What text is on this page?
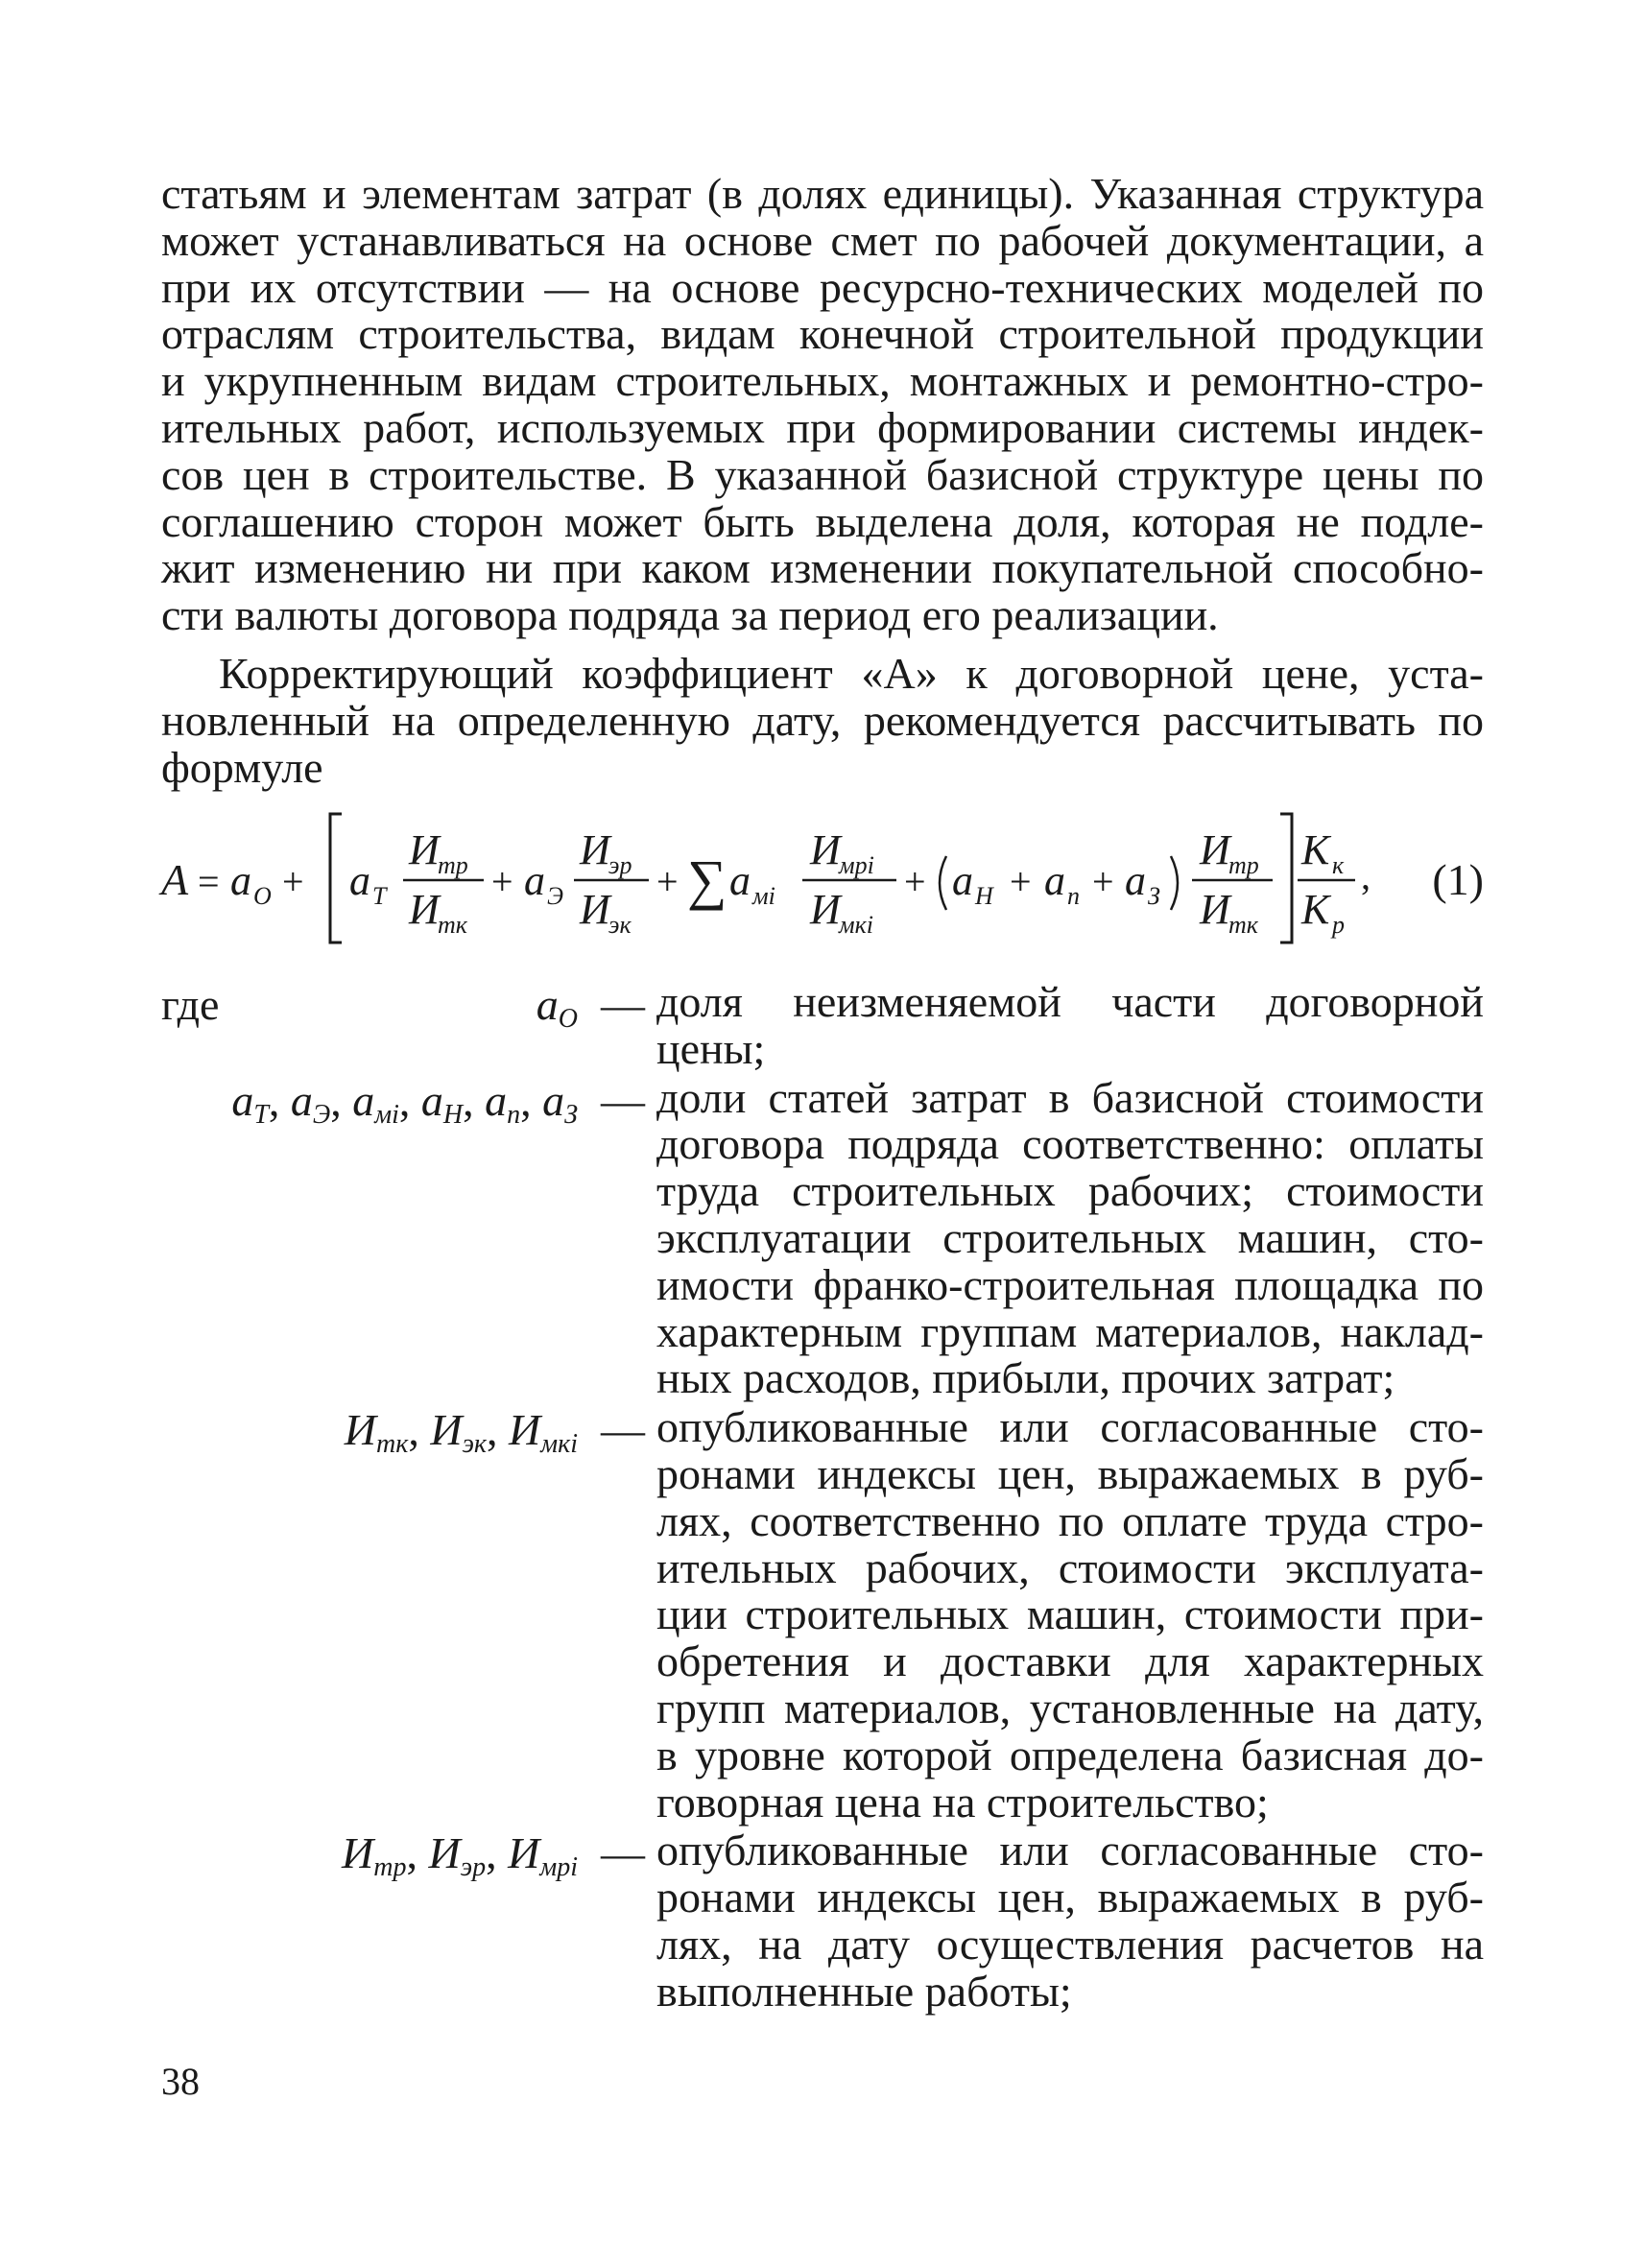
статьям и элементам затрат (в долях единицы). Указанная структура
может устанавливаться на основе смет по рабочей документации, а
при их отсутствии — на основе ресурсно-технических моделей по
отраслям строительства, видам конечной строительной продукции
и укрупненным видам строительных, монтажных и ремонтно-стро-
ительных работ, используемых при формировании системы индек-
сов цен в строительстве. В указанной базисной структуре цены по
соглашению сторон может быть выделена доля, которая не подле-
жит изменению ни при каком изменении покупательной способно-
сти валюты договора подряда за период его реализации.
Корректирующий коэффициент «А» к договорной цене, уста-
новленный на определенную дату, рекомендуется рассчитывать по
формуле
А = a O + a Т
И
тр
И
тк
+ a Э
И
эр
И
эк
+ ∑ a мi
И
мрi
И
мкi
+ a Н + a п + a З
И
тр
И
тк
К к
К р
, (1)
где	$a_О$ — доля неизменяемой части договорной
цены;
$a_Т$, $a_Э$, $a_{мi}$, $a_Н$, $a_п$, $a_З$ — доли статей затрат в базисной стоимости
договора подряда соответственно: оплаты
труда строительных рабочих; стоимости
эксплуатации строительных машин, сто-
имости франко-строительная площадка по
характерным группам материалов, наклад-
ных расходов, прибыли, прочих затрат;
$И_{тк}$, $И_{эк}$, $И_{мкi}$ — опубликованные или согласованные сто-
ронами индексы цен, выражаемых в руб-
лях, соответственно по оплате труда стро-
ительных рабочих, стоимости эксплуата-
ции строительных машин, стоимости при-
обретения и доставки для характерных
групп материалов, установленные на дату,
в уровне которой определена базисная до-
говорная цена на строительство;
$И_{тр}$, $И_{эр}$, $И_{мрi}$ — опубликованные или согласованные сто-
ронами индексы цен, выражаемых в руб-
лях, на дату осуществления расчетов на
выполненные работы;
38
